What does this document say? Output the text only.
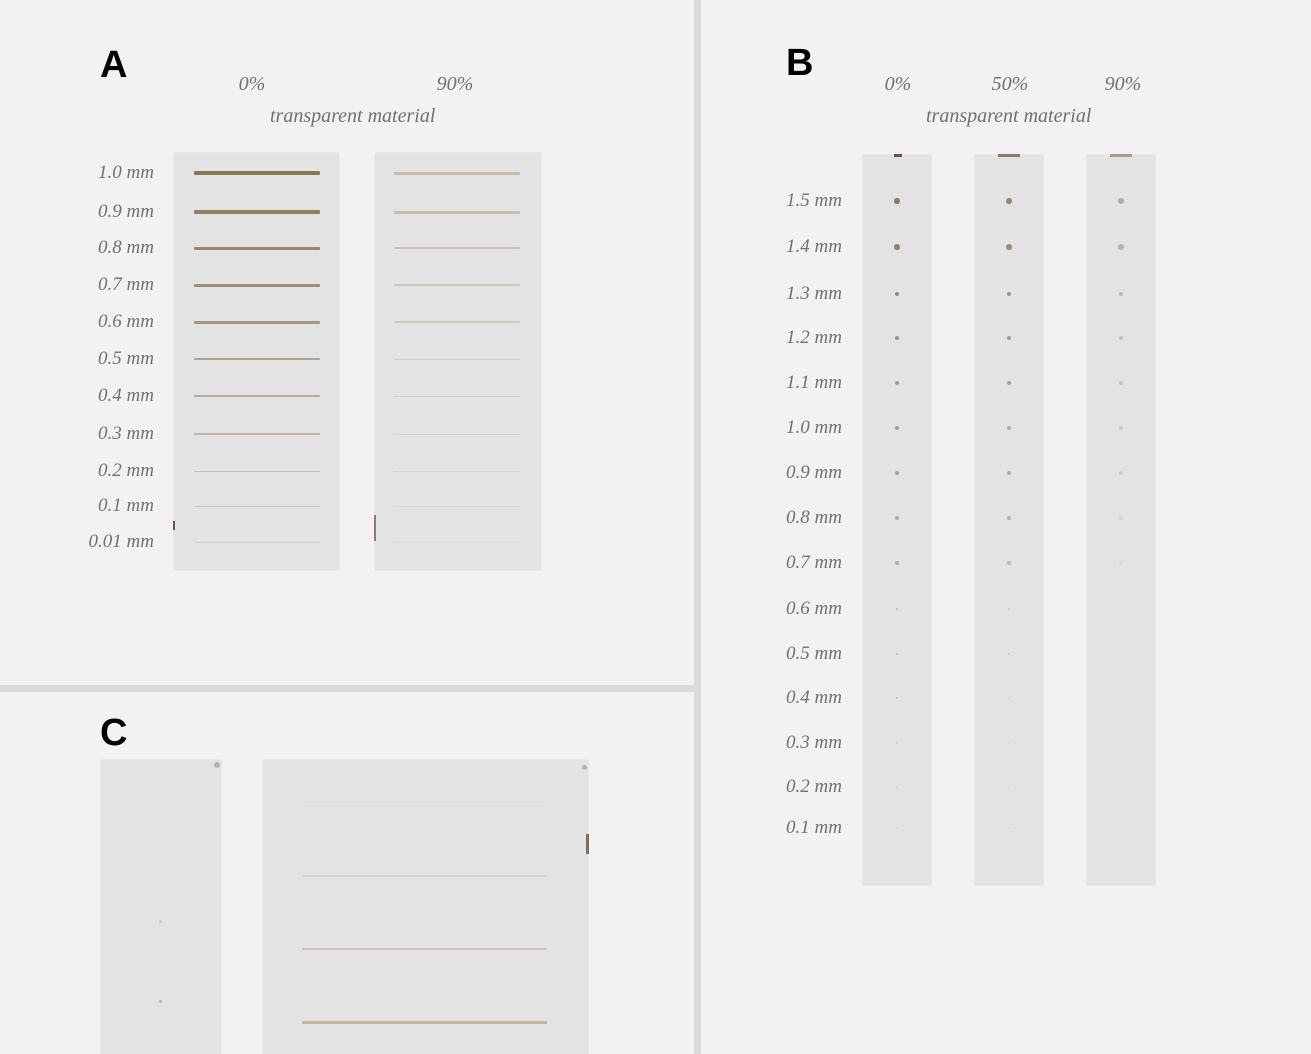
A	0%	90%
transparent material
1.0 mm
0.9 mm
0.8 mm
0.7 mm
0.6 mm
0.5 mm
0.4 mm
0.3 mm
0.2 mm
0.1 mm
0.01 mm
B	0%	50%	90%
transparent material
1.5 mm
1.4 mm
1.3 mm
1.2 mm
1.1 mm
1.0 mm
0.9 mm
0.8 mm
0.7 mm
0.6 mm
0.5 mm
0.4 mm
0.3 mm
0.2 mm
0.1 mm
C
